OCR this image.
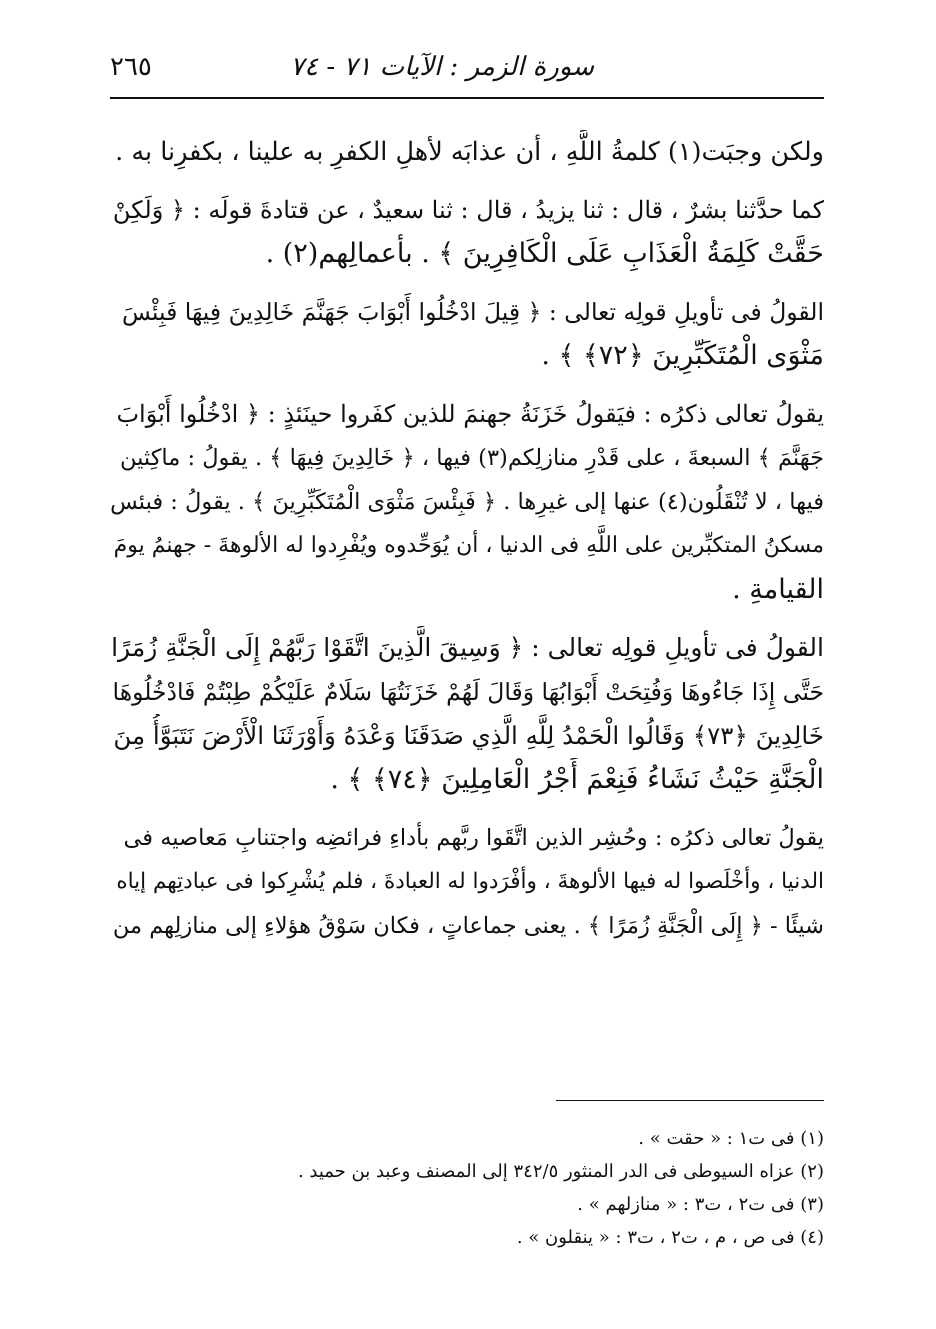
سورة الزمر : الآيات ٧١ - ٧٤
٢٦٥
ولكن وجبَت(١) كلمةُ اللَّهِ ، أن عذابَه لأهلِ الكفرِ به علينا ، بكفرِنا به .
كما حدَّثنا بشرٌ ، قال : ثنا يزيدُ ، قال : ثنا سعيدٌ ، عن قتادةَ قولَه : ﴿ وَلَكِنْ
حَقَّتْ كَلِمَةُ الْعَذَابِ عَلَى الْكَافِرِينَ ﴾ . بأعمالِهم(٢) .
القولُ فى تأويلِ قولِه تعالى : ﴿ قِيلَ ادْخُلُوا أَبْوَابَ جَهَنَّمَ خَالِدِينَ فِيهَا فَبِئْسَ
مَثْوَى الْمُتَكَبِّرِينَ ﴿٧٢﴾ ﴾ .
يقولُ تعالى ذكرُه : فيَقولُ خَزَنَةُ جهنمَ للذين كفَروا حينَئذٍ : ﴿ ادْخُلُوا أَبْوَابَ
جَهَنَّمَ ﴾ السبعةَ ، على قَدْرِ منازلِكم(٣) فيها ، ﴿ خَالِدِينَ فِيهَا ﴾ . يقولُ : ماكِثين
فيها ، لا تُنْقَلُون(٤) عنها إلى غيرِها . ﴿ فَبِئْسَ مَثْوَى الْمُتَكَبِّرِينَ ﴾ . يقولُ : فبئس
مسكنُ المتكبِّرين على اللَّهِ فى الدنيا ، أن يُوَحِّدوه ويُفْرِدوا له الألوهةَ - جهنمُ يومَ
القيامةِ .
القولُ فى تأويلِ قولِه تعالى : ﴿ وَسِيقَ الَّذِينَ اتَّقَوْا رَبَّهُمْ إِلَى الْجَنَّةِ زُمَرًا
حَتَّى إِذَا جَاءُوهَا وَفُتِحَتْ أَبْوَابُهَا وَقَالَ لَهُمْ خَزَنَتُهَا سَلَامٌ عَلَيْكُمْ طِبْتُمْ فَادْخُلُوهَا
خَالِدِينَ ﴿٧٣﴾ وَقَالُوا الْحَمْدُ لِلَّهِ الَّذِي صَدَقَنَا وَعْدَهُ وَأَوْرَثَنَا الْأَرْضَ نَتَبَوَّأُ مِنَ
الْجَنَّةِ حَيْثُ نَشَاءُ فَنِعْمَ أَجْرُ الْعَامِلِينَ ﴿٧٤﴾ ﴾ .
يقولُ تعالى ذكرُه : وحُشِر الذين اتَّقَوا ربَّهم بأداءِ فرائضِه واجتنابِ مَعاصيه فى
الدنيا ، وأخْلَصوا له فيها الألوهةَ ، وأفْرَدوا له العبادةَ ، فلم يُشْرِكوا فى عبادتِهم إياه
شيئًا - ﴿ إِلَى الْجَنَّةِ زُمَرًا ﴾ . يعنى جماعاتٍ ، فكان سَوْقُ هؤلاءِ إلى منازلِهم من
(١) فى ت١ : « حقت » .
(٢) عزاه السيوطى فى الدر المنثور ٣٤٢/٥ إلى المصنف وعبد بن حميد .
(٣) فى ت٢ ، ت٣ : « منازلهم » .
(٤) فى ص ، م ، ت٢ ، ت٣ : « ينقلون » .
